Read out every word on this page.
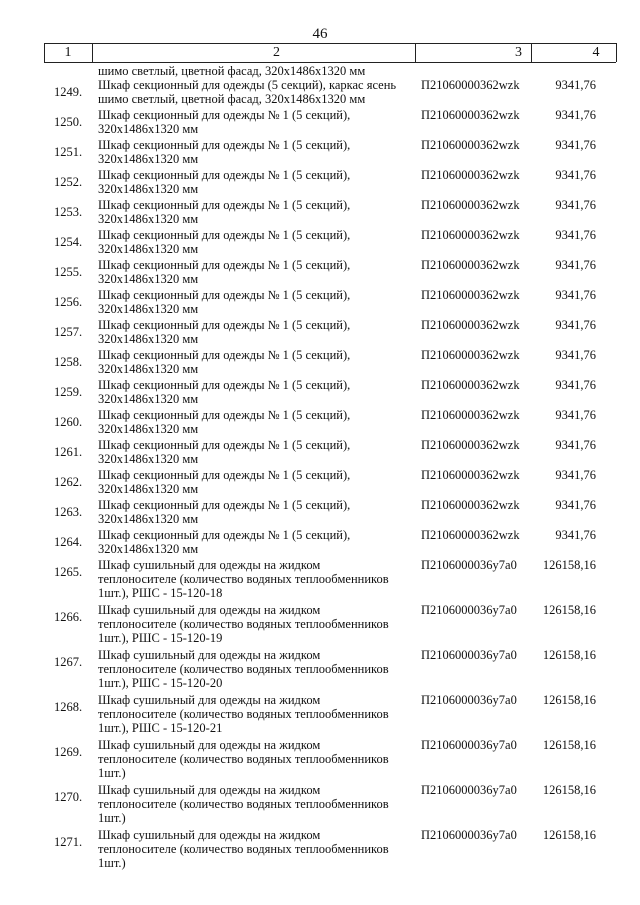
46
1	2	3	4
шимо светлый, цветной фасад, 320x1486x1320 мм
1249. Шкаф секционный для одежды (5 секций), каркас ясень
шимо светлый, цветной фасад, 320x1486x1320 мм
П21060000362wzk	9341,76
1250. Шкаф секционный для одежды № 1 (5 секций),
320x1486x1320 мм
П21060000362wzk	9341,76
1251. Шкаф секционный для одежды № 1 (5 секций),
320x1486x1320 мм
П21060000362wzk	9341,76
1252. Шкаф секционный для одежды № 1 (5 секций),
320x1486x1320 мм
П21060000362wzk	9341,76
1253. Шкаф секционный для одежды № 1 (5 секций),
320x1486x1320 мм
П21060000362wzk	9341,76
1254. Шкаф секционный для одежды № 1 (5 секций),
320x1486x1320 мм
П21060000362wzk	9341,76
1255. Шкаф секционный для одежды № 1 (5 секций),
320x1486x1320 мм
П21060000362wzk	9341,76
1256. Шкаф секционный для одежды № 1 (5 секций),
320x1486x1320 мм
П21060000362wzk	9341,76
1257. Шкаф секционный для одежды № 1 (5 секций),
320x1486x1320 мм
П21060000362wzk	9341,76
1258. Шкаф секционный для одежды № 1 (5 секций),
320x1486x1320 мм
П21060000362wzk	9341,76
1259. Шкаф секционный для одежды № 1 (5 секций),
320x1486x1320 мм
П21060000362wzk	9341,76
1260. Шкаф секционный для одежды № 1 (5 секций),
320x1486x1320 мм
П21060000362wzk	9341,76
1261. Шкаф секционный для одежды № 1 (5 секций),
320x1486x1320 мм
П21060000362wzk	9341,76
1262. Шкаф секционный для одежды № 1 (5 секций),
320x1486x1320 мм
П21060000362wzk	9341,76
1263. Шкаф секционный для одежды № 1 (5 секций),
320x1486x1320 мм
П21060000362wzk	9341,76
1264. Шкаф секционный для одежды № 1 (5 секций),
320x1486x1320 мм
П21060000362wzk	9341,76
1265. Шкаф сушильный для одежды на жидком
теплоносителе (количество водяных теплообменников
1шт.), РШС - 15-120-18
П2106000036y7a0 126158,16
1266. Шкаф сушильный для одежды на жидком
теплоносителе (количество водяных теплообменников
1шт.), РШС - 15-120-19
П2106000036y7a0 126158,16
1267. Шкаф сушильный для одежды на жидком
теплоносителе (количество водяных теплообменников
1шт.), РШС - 15-120-20
П2106000036y7a0 126158,16
1268. Шкаф сушильный для одежды на жидком
теплоносителе (количество водяных теплообменников
1шт.), РШС - 15-120-21
П2106000036y7a0 126158,16
1269. Шкаф сушильный для одежды на жидком
теплоносителе (количество водяных теплообменников
1шт.)
П2106000036y7a0 126158,16
1270. Шкаф сушильный для одежды на жидком
теплоносителе (количество водяных теплообменников
1шт.)
П2106000036y7a0 126158,16
1271. Шкаф сушильный для одежды на жидком
теплоносителе (количество водяных теплообменников
1шт.)
П2106000036y7a0 126158,16
